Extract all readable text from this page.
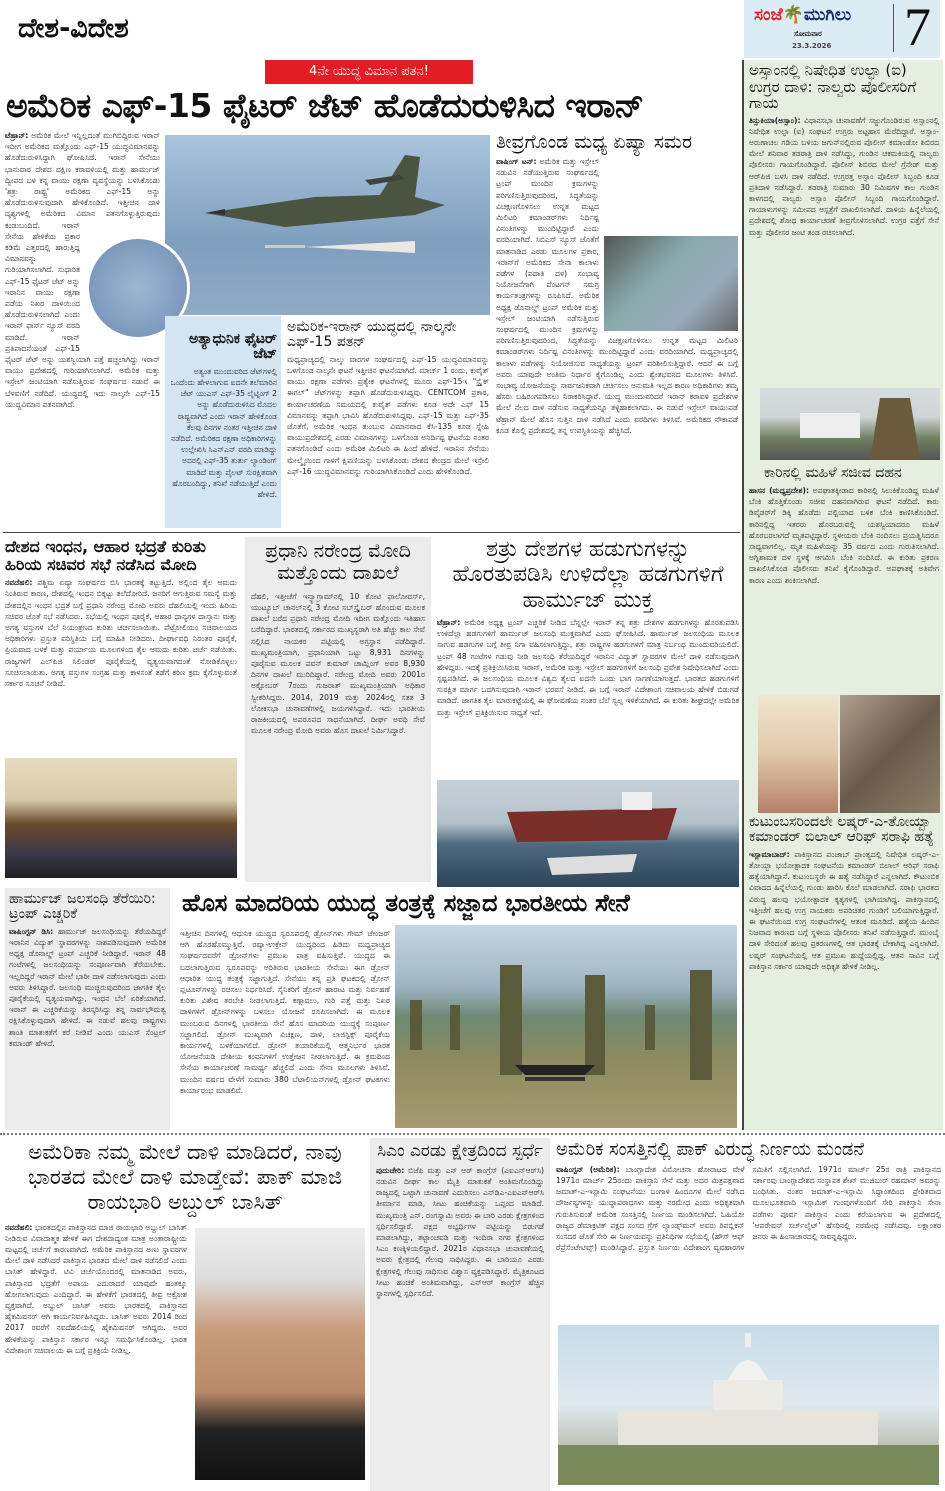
ದೇಶ-ವಿದೇಶ	ಸಂಜೆ🌴ಮುಗಿಲು
ಸೋಮವಾರ
23.3.2026 7
4ನೇ ಯುದ್ಧ ವಿಮಾನ ಪತನ!
ಅಮೆರಿಕ ಎಫ್-15 ಫೈಟರ್ ಜೆಟ್ ಹೊಡೆದುರುಳಿಸಿದ ಇರಾನ್
ಟೆಹ್ರಾನ್: ಅಮೆರಿಕ ಮೇಲೆ ಇನ್ನಿಲ್ಲದಂತೆ ಮುಗಿಬಿದ್ದಿರುವ ಇರಾನ್ ಇದೀಗ ಅಮೆರಿಕದ ಮತ್ತೊಂದು ಎಫ್-15 ಯುದ್ಧವಿಮಾನವನ್ನು ಹೊಡೆದುರುಳಿಸಿದ್ದಾಗಿ ಘೋಷಿಸಿದೆ. ಇರಾನ್ ಸೇನೆಯು ಭಾನುವಾರ ದೇಶದ ದಕ್ಷಿಣ ಕರಾವಳಿಯಲ್ಲಿ ಮತ್ತು ಹಾರ್ಮುಜ್ ದ್ವೀಪದ ಬಳಿ ಕನ್ನ ವಾಯು ರಕ್ಷಣಾ ವ್ಯವಸ್ಥೆಯನ್ನು ಬಳಸಿಕೊಂಡು 'ಶತ್ರು ರಾಷ್ಟ್ರ' ಅಮೆರಿಕದ ಎಫ್-15 ಅನ್ನು ಹೊಡೆದುರುಳಿಸುವುದಾಗಿ ಹೇಳಿಕೊಂಡಿದೆ. ಇತ್ತೀಚಿನ ದಾಳಿ ದೃಶ್ಯಗಳಲ್ಲಿ ಅಮೆರಿಕದ ವಿಮಾನ ಪತನಗೊಳ್ಳುತ್ತಿರುವುದು ಕಂಡುಬಂದಿದೆ. ಇರಾನ್ ಸೇನೆಯ ಹೇಳಿಕೆಯ ಪ್ರಕಾರ ಕಡಿಮೆ ಎತ್ತರದಲ್ಲಿ ಹಾರುತ್ತಿದ್ದ ವಿಮಾನವನ್ನು ಗುರಿಯಾಗಿಸಲಾಗಿದೆ. ಸುಧಾರಿತ ಎಫ್-15 ಫೈಟರ್ ಜೆಟ್ ಅನ್ನು ಇರಾನಿನ ವಾಯು ರಕ್ಷಣಾ ಪಡೆಯ ನಿಖರ ದಾಳಿಯಿಂದ ಹೊಡೆದುರುಳಿಸಲಾಗಿದೆ ಎಂದು ಇರಾನ್ ಫಾರ್ಸ್ ನ್ಯೂಸ್ ವರದಿ ಮಾಡಿದೆ. ಇರಾನ್ ಪ್ರತಿಪಾದನೆಯಂತೆ ಎಫ್-15 ಫೈಟರ್ ಜೆಟ್ ಅನ್ನು ಯಶಸ್ವಿಯಾಗಿ ಪತ್ತೆ ಹಚ್ಚಲಾಗಿದ್ದು ಇರಾನ್ ವಾಯು ಪ್ರದೇಶದಲ್ಲಿ ಗುರಿಯಾಗಿಸಲಾಗಿದೆ. ಅಮೆರಿಕ ಮತ್ತು ಇಸ್ರೇಲ್ ಜಂಟಿಯಾಗಿ ನಡೆಸುತ್ತಿರುವ ಸಂಘರ್ಷದ ನಡುವೆ ಈ ಬೆಳವಣಿಗೆ ನಡೆದಿದೆ. ಯುದ್ಧದಲ್ಲಿ ಇದು ನಾಲ್ಕನೇ ಎಫ್-15 ಯುದ್ಧವಿಮಾನ ಪತನವಾಗಿದೆ.
ಅತ್ಯಾಧುನಿಕ ಫೈಟರ್ ಜೆಟ್
ಅತ್ಯಂತ ಮುಂದುವರಿದ ಜೆಟ್‌ಗಳಲ್ಲಿ ಒಂದೆಂದು ಹೇಳಲಾಗುವ ಐದನೇ ತಲೆಮಾರಿನ ಜೆಟ್ ಯುಎಸ್ ಎಫ್-35 ಲೈಟ್ನಿಂಗ್ 2 ಅನ್ನು ಹೊಡೆದುರುಳಿಸಿದ ಮೊದಲ ರಾಷ್ಟ್ರವಾಗಿದೆ ಎಂದು ಇರಾನ್ ಹೇಳಿಕೊಂಡ ಕೆಲವು ದಿನಗಳ ನಂತರ ಇತ್ತೀಚಿನ ದಾಳಿ ನಡೆದಿದೆ. ಅಮೆರಿಕದ ರಕ್ಷಣಾ ಅಧಿಕಾರಿಗಳನ್ನು ಉಲ್ಲೇಖಿಸಿ ಸಿಎನ್‌ಎನ್ ವರದಿ ಮಾಡಿದ್ದು ಅದರಲ್ಲಿ ಎಫ್-35 ತುರ್ತು ಲ್ಯಾಂಡಿಂಗ್ ಮಾಡಿದೆ ಮತ್ತು ಪೈಲಟ್ ಸುರಕ್ಷಿತವಾಗಿ ಹೊರಬಂದಿದ್ದು, ತನಿಖೆ ನಡೆಯುತ್ತಿದೆ ಎಂದು ಹೇಳಿದೆ.
ಅಮೆರಿಕ-ಇರಾನ್ ಯುದ್ಧದಲ್ಲಿ ನಾಲ್ಕನೇ ಎಫ್-15 ಪತನ್
ಮಧ್ಯಪ್ರಾಚ್ಯದಲ್ಲಿ ನಾಲ್ಕು ವಾರಗಳ ಸಂಘರ್ಷದಲ್ಲಿ ಎಫ್-15 ಯುದ್ಧವಿಮಾನವನ್ನು ಒಳಗೊಂಡ ನಾಲ್ಕನೇ ಘಟನೆ ಇತ್ತೀಚಿನ ಘಟನೆಯಾಗಿದೆ. ಮಾರ್ಚ್ 1 ರಂದು, ಕುವೈತ್ ವಾಯು ರಕ್ಷಣಾ ಪಡೆಗಳು ಪ್ರತ್ಯೇಕ ಘಟನೆಗಳಲ್ಲಿ ಮೂರು ಎಫ್-15ಇ "ಸ್ಟ್ರೈಕ್ ಈಗಲ್" ಜೆಟ್‌ಗಳನ್ನು ತಪ್ಪಾಗಿ ಹೊಡೆದುರುಳಿಸಿದ್ದವು. CENTCOM ಪ್ರಕಾರ, ಕಾರ್ಯಾಚರಣೆಯ ಸಮಯದಲ್ಲಿ ಕುವೈತ್ ಪಡೆಗಳು ಕೂಡ ಅದೇ ಎಫ್ 15 ವಿಮಾನವನ್ನು ತಪ್ಪಾಗಿ ಭಾವಿಸಿ ಹೊಡೆದುರುಳಿಸಿದ್ದವು. ಎಫ್-15 ಮತ್ತು ಎಫ್-35 ಜೊತೆಗೆ, ಅಮೆರಿಕ ಇಂಧನ ತುಂಬುವ ವಿಮಾನವಾದ ಕೆಸಿ-135 ಕೂಡ ಸ್ನೇಹಿ ವಾಯುಪ್ರದೇಶದಲ್ಲಿ ಎರಡು ವಿಮಾನಗಳನ್ನು ಒಳಗೊಂಡ ಅನಿರ್ದಿಷ್ಟ ಘಟನೆಯ ನಂತರ ಪತನಗೊಂಡಿದೆ ಎಂದು ಅಮೆರಿಕ ಮಿಲಿಟರಿ ಈ ಹಿಂದೆ ಹೇಳಿದೆ. ಇರಾನಿನ ಸೇನೆಯು ಮೇಲ್ಮೈಯಿಂದ ಗಾಳಿಗೆ ಕ್ಷಿಪಣಿಯನ್ನು ಬಳಸಿಕೊಂಡು ದೇಶದ ಕೇಂದ್ರದ ಮೇಲೆ ಇಸ್ರೇಲಿ ಎಫ್-16 ಯುದ್ಧವಿಮಾನವನ್ನು ಗುರಿಯಾಗಿಸಿಕೊಂಡಿದೆ ಎಂದು ಹೇಳಿಕೊಂಡಿದೆ.
ತೀವ್ರಗೊಂಡ ಮಧ್ಯ ಏಷ್ಯಾ ಸಮರ
ವಾಷಿಂಗ್ ಟನ್: ಅಮೆರಿಕ ಮತ್ತು ಇಸ್ರೇಲ್ ನಡುವಿನ ನಡೆಯುತ್ತಿರುವ ಸಂಘರ್ಷದಲ್ಲಿ ಟ್ರಂಪ್ ಮುಂದಿನ ಕ್ರಮಗಳನ್ನು ಪರಿಗಣಿಸುತ್ತಿರುವುದರಿಂದ, ಸಿದ್ಧತೆಯನ್ನು ವಿಚಕ್ಷಣಗೊಳಿಸಲು ಉನ್ನತ ಮಟ್ಟದ ಮಿಲಿಟರಿ ಕಮಾಂಡರ್‌ಗಳು ನಿರ್ದಿಷ್ಟ ವಿನಂತಿಗಳನ್ನು ಮುಂದಿಟ್ಟಿದ್ದಾರೆ ಎಂದು ವರದಿಯಾಗಿದೆ. ಸಿಬಿಎಸ್ ನ್ಯೂಸ್ ಜೊತೆಗೆ ಮಾತನಾಡಿದ ಎರಡು ಮೂಲಗಳ ಪ್ರಕಾರ, ಇರಾನ್‌ಗೆ ಅಮೆರಿಕದ ಸೇನಾ ಕಾಲಾಳು ಪಡೆಗಳ (ಪದಾತಿ ದಳ) ಸಂಭಾವ್ಯ ನಿಯೋಜನೆಗಾಗಿ ಪೆಂಟಗನ್ ಸಮಗ್ರ ಕಾರ್ಯತಂತ್ರಗಳನ್ನು ರೂಪಿಸಿದೆ. ಅಮೆರಿಕ ಅಧ್ಯಕ್ಷ ಡೊನಾಲ್ಡ್ ಟ್ರಂಪ್ ಅಮೆರಿಕ ಮತ್ತು ಇಸ್ರೇಲ್ ಜಂಟಿಯಾಗಿ ನಡೆಸುತ್ತಿರುವ ಸಂಘರ್ಷದಲ್ಲಿ ಮುಂದಿನ ಕ್ರಮಗಳನ್ನು ಪರಿಗಣಿಸುತ್ತಿರುವುದರಿಂದ, ಸಿದ್ಧತೆಯನ್ನು ವಿಚಕ್ಷಣಗೊಳಿಸಲು ಉನ್ನತ ಮಟ್ಟದ ಮಿಲಿಟರಿ ಕಮಾಂಡರ್‌ಗಳು ನಿರ್ದಿಷ್ಟ ವಿನಂತಿಗಳನ್ನು ಮುಂದಿಟ್ಟಿದ್ದಾರೆ ಎಂದು ವರದಿಯಾಗಿದೆ. ಮಧ್ಯಪ್ರಾಚ್ಯದಲ್ಲಿ ಕಾಲಾಳು ಪಡೆಗಳನ್ನು ನಿಯೋಜಿಸುವ ಸಾಧ್ಯತೆಯನ್ನು ಟ್ರಂಪ್ ಪರಿಶೀಲಿಸುತ್ತಿದ್ದಾರೆ. ಆದರೆ ಈ ಬಗ್ಗೆ ಅವರು ಯಾವುದೇ ಅಂತಿಮ ನಿರ್ಧಾರ ಕೈಗೊಂಡಿಲ್ಲ ಎಂದು ಶ್ವೇತಭವನದ ಮೂಲಗಳು ತಿಳಿಸಿವೆ. ಸಂಭಾವ್ಯ ಯೋಜನೆಯನ್ನು ಸಾರ್ವಜನಿಕವಾಗಿ ಚರ್ಚಿಸಲು ಅನುಮತಿ ಇಲ್ಲದ ಕಾರಣ ಅಧಿಕಾರಿಗಳು ತಮ್ಮ ಹೆಸರು ಬಹಿರಂಗಪಡಿಸಲು ನಿರಾಕರಿಸಿದ್ದಾರೆ. ಯುದ್ಧ ಮುಂದುವರಿದರೆ ಇರಾನ್ ಕರಾವಳಿ ಪ್ರದೇಶಗಳ ಮೇಲೆ ನೆಲದ ದಾಳಿ ನಡೆಸುವ ಸಾಧ್ಯತೆಯನ್ನೂ ತಳ್ಳಿಹಾಕಲಾಗದು. ಈ ನಡುವೆ ಇಸ್ರೇಲ್ ವಾಯುಪಡೆ ಟೆಹ್ರಾನ್ ಮೇಲೆ ಹೊಸ ಸುತ್ತಿನ ದಾಳಿ ನಡೆಸಿದೆ ಎಂದು ವರದಿಗಳು ತಿಳಿಸಿವೆ. ಅಮೆರಿಕದ ನೌಕಾಪಡೆ ಕೂಡ ಕೊಲ್ಲಿ ಪ್ರದೇಶದಲ್ಲಿ ತನ್ನ ಉಪಸ್ಥಿತಿಯನ್ನು ಹೆಚ್ಚಿಸಿದೆ.
ದೇಶದ ಇಂಧನ, ಆಹಾರ ಭದ್ರತೆ ಕುರಿತು ಹಿರಿಯ ಸಚಿವರ ಸಭೆ ನಡೆಸಿದ ಮೋದಿ
ನವದೆಹಲಿ: ಪಶ್ಚಿಮ ಏಷ್ಯಾ ಸಂಘರ್ಷದ ಬಿಸಿ ಭಾರತಕ್ಕೆ ತಟ್ಟುತ್ತಿದೆ. ಅಲ್ಲಿಂದ ತೈಲ ಆಮದು ನಿಂತಿರುವ ಕಾರಣ, ದೇಶದಲ್ಲಿ ಇಂಧನ ಬಿಕ್ಕಟ್ಟು ತಲೆದೋರಿದೆ. ಜನರಿಗೆ ಆಗುತ್ತಿರುವ ಸಮಸ್ಯೆ ಮತ್ತು ದೇಶದಲ್ಲಿನ ಇಂಧನ ಭದ್ರತೆ ಬಗ್ಗೆ ಪ್ರಧಾನಿ ನರೇಂದ್ರ ಮೋದಿ ಅವರು ದೆಹಲಿಯಲ್ಲಿ ಇಂದು ಹಿರಿಯ ಸಚಿವರ ಜೊತೆ ಸಭೆ ನಡೆಸಿದರು. ಸಭೆಯಲ್ಲಿ ಇಂಧನ ಪೂರೈಕೆ, ಆಹಾರ ಧಾನ್ಯಗಳ ದಾಸ್ತಾನು ಮತ್ತು ಅಗತ್ಯ ವಸ್ತುಗಳ ಬೆಲೆ ನಿಯಂತ್ರಣದ ಕುರಿತು ಚರ್ಚಿಸಲಾಯಿತು. ಪೆಟ್ರೋಲಿಯಂ ಸಚಿವಾಲಯದ ಅಧಿಕಾರಿಗಳು ಪ್ರಸ್ತುತ ಪರಿಸ್ಥಿತಿಯ ಬಗ್ಗೆ ಮಾಹಿತಿ ನೀಡಿದರು. ದೀರ್ಘಾವಧಿ ನಿರಂತರ ಪೂರೈಕೆ, ಪ್ರಿಯವಾದ ಬಳಕೆ ಮತ್ತು ಪರ್ಯಾಯ ಮೂಲಗಳಿಂದ ತೈಲ ಆಮದು ಕುರಿತು ಚರ್ಚೆ ನಡೆಯಿತು. ರಾಜ್ಯಗಳಿಗೆ ಎಲ್‌ಪಿಜಿ ಸಿಲಿಂಡರ್ ಪೂರೈಕೆಯಲ್ಲಿ ವ್ಯತ್ಯಯವಾಗದಂತೆ ನೋಡಿಕೊಳ್ಳಲು ಸೂಚಿಸಲಾಯಿತು. ಅಗತ್ಯ ವಸ್ತುಗಳ ಸಂಗ್ರಹ ಮತ್ತು ಕಾಳಸಂತೆ ತಡೆಗೆ ಕಠಿಣ ಕ್ರಮ ಕೈಗೊಳ್ಳುವಂತೆ ಸರ್ಕಾರ ಸೂಚನೆ ನೀಡಿದೆ.
ಪ್ರಧಾನಿ ನರೇಂದ್ರ ಮೋದಿ ಮತ್ತೊಂದು ದಾಖಲೆ
ದೆಹಲಿ, ಇತ್ತೀಚೆಗೆ ಇನ್ಸ್ಟಾಗ್ರಾಮ್‌ನಲ್ಲಿ 10 ಕೋಟಿ ಫಾಲೋವರ್ಸ್, ಯುಟ್ಯೂಬ್ ಚಾನಲ್‌ನಲ್ಲಿ 3 ಕೋಟಿ ಸಬ್‌ಸ್ಕ್ರೈಬರ್ ಹೊಂದುವ ಮೂಲಕ ದಾಖಲೆ ಬರೆದ ಪ್ರಧಾನಿ ನರೇಂದ್ರ ಮೋದಿ ಇದೀಗ ಮತ್ತೊಂದು ಇತಿಹಾಸ ಬರೆದಿದ್ದಾರೆ. ಭಾರತದಲ್ಲಿ ಸರ್ಕಾರದ ಮುಖ್ಯಸ್ಥರಾಗಿ ಅತಿ ಹೆಚ್ಚು ಕಾಲ ಸೇವೆ ಸಲ್ಲಿಸಿದ ನಾಯಕರ ಪಟ್ಟಿಯಲ್ಲಿ ಅಗ್ರಸ್ಥಾನ ಪಡೆದಿದ್ದಾರೆ. ಮುಖ್ಯಮಂತ್ರಿಯಾಗಿ, ಪ್ರಧಾನಿಯಾಗಿ ಒಟ್ಟು 8,931 ದಿನಗಳನ್ನು ಪೂರೈಸುವ ಮೂಲಕ ಪವನ್ ಕುಮಾರ್ ಚಾಮ್ಲಿಂಗ್ ಅವರ 8,930 ದಿನಗಳ ದಾಖಲೆ ಮುರಿದಿದ್ದಾರೆ. ನರೇಂದ್ರ ಮೋದಿ ಅವರು 2001ರ ಅಕ್ಟೋಬರ್ 7ರಂದು ಗುಜರಾತ್ ಮುಖ್ಯಮಂತ್ರಿಯಾಗಿ ಅಧಿಕಾರ ಸ್ವೀಕರಿಸಿದ್ದರು. 2014, 2019 ಮತ್ತು 2024ರಲ್ಲಿ ಸತತ 3 ಲೋಕಸಭಾ ಚುನಾವಣೆಗಳಲ್ಲಿ ಜಯಗಳಿಸಿದ್ದಾರೆ. ಇದು ಭಾರತೀಯ ರಾಜಕೀಯದಲ್ಲಿ ಅಪರೂಪದ ಸಾಧನೆಯಾಗಿದೆ. ದೀರ್ಘ ಅವಧಿ ಸೇವೆ ಮೂಲಕ ನರೇಂದ್ರ ಮೋದಿ ಅವರು ಹೊಸ ದಾಖಲೆ ನಿರ್ಮಿಸಿದ್ದಾರೆ.
ಶತ್ರು ದೇಶಗಳ ಹಡುಗುಗಳನ್ನು ಹೊರತುಪಡಿಸಿ ಉಳಿದೆಲ್ಲಾ ಹಡಗುಗಳಿಗೆ ಹಾರ್ಮುಜ್ ಮುಕ್ತ
ಟೆಹ್ರಾನ್: ಅಮೆರಿಕ ಅಧ್ಯಕ್ಷ ಟ್ರಂಪ್ ಎಚ್ಚರಿಕೆ ನೀಡಿದ ಬೆನ್ನಲ್ಲೇ ಇರಾನ್ ತನ್ನ ಶತ್ರು ದೇಶಗಳ ಹಡಗುಗಳನ್ನು ಹೊರತುಪಡಿಸಿ ಉಳಿದೆಲ್ಲಾ ಹಡಗುಗಳಿಗೆ ಹಾರ್ಮುಜ್ ಜಲಸಂಧಿ ಮುಕ್ತವಾಗಿದೆ ಎಂದು ಘೋಷಿಸಿದೆ. ಹಾರ್ಮುಜ್ ಜಲಸಂಧಿಯ ಮೂಲಕ ಸಾಗುವ ಹಡಗುಗಳ ಬಗ್ಗೆ ತೀವ್ರ ನಿಗಾ ವಹಿಸಲಾಗುತ್ತಿದ್ದು, ಶತ್ರು ರಾಷ್ಟ್ರಗಳ ಹಡಗುಗಳಿಗೆ ಮಾತ್ರ ನಿರ್ಬಂಧ ಮುಂದುವರಿಯಲಿದೆ. ಟ್ರಂಪ್ 48 ಗಂಟೆಗಳ ಗಡುವು ನೀಡಿ ಜಲಸಂಧಿ ತೆರೆಯದಿದ್ದರೆ ಇರಾನಿನ ವಿದ್ಯುತ್ ಸ್ಥಾವರಗಳ ಮೇಲೆ ದಾಳಿ ನಡೆಸುವುದಾಗಿ ಹೇಳಿದ್ದರು. ಇದಕ್ಕೆ ಪ್ರತಿಕ್ರಿಯಿಸಿರುವ ಇರಾನ್, ಅಮೆರಿಕ ಮತ್ತು ಇಸ್ರೇಲ್ ಹಡಗುಗಳಿಗೆ ಜಲಸಂಧಿ ಪ್ರವೇಶ ನಿಷೇಧಿಸಲಾಗಿದೆ ಎಂದು ಸ್ಪಷ್ಟಪಡಿಸಿದೆ. ಈ ಜಲಸಂಧಿಯ ಮೂಲಕ ವಿಶ್ವದ ತೈಲದ ಐದನೇ ಒಂದು ಭಾಗ ಸಾಗಣೆಯಾಗುತ್ತದೆ. ಭಾರತದ ಹಡಗುಗಳಿಗೆ ಸುರಕ್ಷಿತ ಮಾರ್ಗ ಒದಗಿಸುವುದಾಗಿ ಇರಾನ್ ಭರವಸೆ ನೀಡಿದೆ. ಈ ಬಗ್ಗೆ ಇರಾನ್ ವಿದೇಶಾಂಗ ಸಚಿವಾಲಯ ಹೇಳಿಕೆ ಬಿಡುಗಡೆ ಮಾಡಿದೆ. ಜಾಗತಿಕ ತೈಲ ಮಾರುಕಟ್ಟೆಯಲ್ಲಿ ಈ ಘೋಷಣೆಯ ನಂತರ ಬೆಲೆ ಸ್ವಲ್ಪ ಇಳಿಕೆಯಾಗಿದೆ. ಈ ಕುರಿತು ಶೀಘ್ರದಲ್ಲೇ ಅಮೆರಿಕ ಮತ್ತು ಇಸ್ರೇಲ್ ಪ್ರತಿಕ್ರಿಯಿಸುವ ಸಾಧ್ಯತೆ ಇದೆ.
ಹಾರ್ಮುಜ್ ಜಲಸಂಧಿ ತೆರೆಯಿರಿ: ಟ್ರಂಪ್ ಎಚ್ಚರಿಕೆ
ವಾಷಿಂಗ್ಟನ್ ಡಿಸಿ: ಹಾರ್ಮುಜ್ ಜಲಸಂಧಿಯನ್ನು ತೆರೆಯದಿದ್ದರೆ ಇರಾನಿನ ವಿದ್ಯುತ್ ಸ್ಥಾವರಗಳನ್ನು ನಾಶಪಡಿಸುವುದಾಗಿ ಅಮೆರಿಕ ಅಧ್ಯಕ್ಷ ಡೊನಾಲ್ಡ್ ಟ್ರಂಪ್ ಎಚ್ಚರಿಕೆ ನೀಡಿದ್ದಾರೆ. ಇರಾನ್ 48 ಗಂಟೆಗಳಲ್ಲಿ ಜಲಸಂಧಿಯನ್ನು ಸಂಪೂರ್ಣವಾಗಿ ತೆರೆಯಬೇಕು. ಇಲ್ಲದಿದ್ದರೆ ಇರಾನ್ ಮೇಲೆ ಭಾರೀ ದಾಳಿ ನಡೆಸಲಾಗುವುದು ಎಂದು ಅವರು ತಿಳಿಸಿದ್ದಾರೆ. ಜಲಸಂಧಿ ಮುಚ್ಚಿರುವುದರಿಂದ ಜಾಗತಿಕ ತೈಲ ಪೂರೈಕೆಯಲ್ಲಿ ವ್ಯತ್ಯಯವಾಗಿದ್ದು, ಇಂಧನ ಬೆಲೆ ಏರಿಕೆಯಾಗಿದೆ. ಇರಾನ್ ಈ ಎಚ್ಚರಿಕೆಯನ್ನು ತಿರಸ್ಕರಿಸಿದ್ದು ತನ್ನ ಸಾರ್ವಭೌಮತ್ವ ರಕ್ಷಿಸಿಕೊಳ್ಳುವುದಾಗಿ ಹೇಳಿದೆ. ಈ ನಡುವೆ ಹಲವು ರಾಷ್ಟ್ರಗಳು ಶಾಂತಿ ಮಾತುಕತೆಗೆ ಕರೆ ನೀಡಿವೆ ಎಂದು ಯುಎಸ್ ಸೆಂಟ್ರಲ್ ಕಮಾಂಡ್ ಹೇಳಿದೆ.
ಹೊಸ ಮಾದರಿಯ ಯುದ್ಧ ತಂತ್ರಕ್ಕೆ ಸಜ್ಜಾದ ಭಾರತೀಯ ಸೇನೆ
ಇತ್ತೀಚಿನ ದಿನಗಳಲ್ಲಿ ಆಧುನಿಕ ಯುದ್ಧದ ಸ್ವರೂಪದಲ್ಲಿ ಡ್ರೋನ್‌ಗಳು ಗೇಮ್ ಚೇಂಜರ್ ಆಗಿ ಹೊರಹೊಮ್ಮುತ್ತಿವೆ. ರಷ್ಯಾ-ಉಕ್ರೇನ್ ಯುದ್ಧದಿಂದ ಹಿಡಿದು ಮಧ್ಯಪ್ರಾಚ್ಯದ ಸಂಘರ್ಷದವರೆಗೆ ಡ್ರೋನ್‌ಗಳು ಪ್ರಮುಖ ಪಾತ್ರ ವಹಿಸುತ್ತಿವೆ. ಯುದ್ಧದ ಈ ಬದಲಾಗುತ್ತಿರುವ ಸ್ವರೂಪವನ್ನು ಅರಿತಿರುವ ಭಾರತೀಯ ಸೇನೆಯು ಈಗ ಡ್ರೋನ್ ಆಧಾರಿತ ಯುದ್ಧ ತಂತ್ರಕ್ಕೆ ಸಜ್ಜಾಗುತ್ತಿದೆ. ಸೇನೆಯು ತನ್ನ ಪ್ರತಿ ಘಟಕದಲ್ಲಿ ಡ್ರೋನ್ ಪ್ಲಟೂನ್‌ಗಳನ್ನು ರಚಿಸಲು ನಿರ್ಧರಿಸಿದೆ. ಸೈನಿಕರಿಗೆ ಡ್ರೋನ್ ಹಾರಾಟ ಮತ್ತು ನಿರ್ವಹಣೆ ಕುರಿತು ವಿಶೇಷ ತರಬೇತಿ ನೀಡಲಾಗುತ್ತಿದೆ. ಕಣ್ಗಾವಲು, ಗುರಿ ಪತ್ತೆ ಮತ್ತು ನಿಖರ ದಾಳಿಗಳಿಗೆ ಡ್ರೋನ್‌ಗಳನ್ನು ಬಳಸಲು ಯೋಜನೆ ರೂಪಿಸಲಾಗಿದೆ. ಈ ಮೂಲಕ ಮುಂಬರುವ ದಿನಗಳಲ್ಲಿ ಭಾರತೀಯ ಸೇನೆ ಹೊಸ ಮಾದರಿಯ ಯುದ್ಧಕ್ಕೆ ಸಂಪೂರ್ಣ ಸಜ್ಜಾಗಲಿದೆ. ಡ್ರೋನ್ ಮುಖ್ಯವಾಗಿ ವಿಚಕ್ಷಣ, ದಾಳಿ, ಲಾಜಿಸ್ಟಿಕ್ಸ್ ಪೂರೈಕೆಯ ಕಾರ್ಯಗಳಲ್ಲಿ ಬಳಕೆಯಾಗಲಿದೆ. ಡ್ರೋನ್ ತಯಾರಿಕೆಯಲ್ಲಿ ಆತ್ಮನಿರ್ಭರ ಭಾರತ ಯೋಜನೆಯಡಿ ದೇಶೀಯ ಕಂಪನಿಗಳಿಗೆ ಉತ್ತೇಜನ ನೀಡಲಾಗುತ್ತಿದೆ. ಈ ಕ್ರಮದಿಂದ ಸೇನೆಯ ಕಾರ್ಯಾಚರಣೆ ಸಾಮರ್ಥ್ಯ ಹೆಚ್ಚಲಿದೆ ಎಂದು ಸೇನಾ ಮೂಲಗಳು ತಿಳಿಸಿವೆ. ಮುಂದಿನ ವರ್ಷದ ವೇಳೆಗೆ ಸುಮಾರು 380 ಬೆಟಾಲಿಯನ್‌ಗಳಲ್ಲಿ ಡ್ರೋನ್ ಘಟಕಗಳು ಕಾರ್ಯಾರಂಭ ಮಾಡಲಿವೆ.
ಅಸ್ಸಾಂನಲ್ಲಿ ನಿಷೇಧಿತ ಉಲ್ಫಾ (ಐ) ಉಗ್ರರ ದಾಳಿ: ನಾಲ್ವರು ಪೊಲೀಸರಿಗೆ ಗಾಯ
ತಿನ್ಸುಕಿಯಾ(ಅಸ್ಸಾಂ): ವಿಧಾನಸಭಾ ಚುನಾವಣೆಗೆ ಸಜ್ಜುಗೊಂಡಿರುವ ಅಸ್ಸಾಂನಲ್ಲಿ ನಿಷೇಧಿತ ಉಲ್ಫಾ (ಐ) ಸಂಘಟನೆ ಉಗ್ರರು ಅಟ್ಟಹಾಸ ಮೆರೆದಿದ್ದಾರೆ. ಅಸ್ಸಾಂ-ಅರುಣಾಚಲ ಗಡಿಯ ಬಳಿಯ ಜಗುನ್‌ನಲ್ಲಿರುವ ಪೊಲೀಸ್ ಕಮಾಂಡೋ ಶಿಬಿರದ ಮೇಲೆ ಶನಿವಾರ ತಡರಾತ್ರಿ ದಾಳಿ ನಡೆಸಿದ್ದು, ಗುಂಡಿನ ಚಕಮಕಿಯಲ್ಲಿ ನಾಲ್ವರು ಪೊಲೀಸರು ಗಾಯಗೊಂಡಿದ್ದಾರೆ. ಪೊಲೀಸ್ ಶಿಬಿರದ ಮೇಲೆ ಗ್ರೆನೇಡ್ ಮತ್ತು ಆರ್‌ಪಿಜಿ ಬಳಸಿ ದಾಳಿ ನಡೆದಿದೆ. ಉಗ್ರರತ್ತ ಅಸ್ಸಾಂ ಪೊಲೀಸ್ ಸಿಬ್ಬಂದಿ ಕೂಡ ಪ್ರತಿದಾಳಿ ನಡೆಸಿದ್ದಾರೆ. ತಡರಾತ್ರಿ ಸುಮಾರು 30 ನಿಮಿಷಗಳ ಕಾಲ ಗುಂಡಿನ ಕಾಳಗದಲ್ಲಿ ನಾಲ್ವರು ಅಸ್ಸಾಂ ಪೊಲೀಸ್ ಸಿಬ್ಬಂದಿ ಗಾಯಗೊಂಡಿದ್ದಾರೆ. ಗಾಯಾಳುಗಳನ್ನು ಸಮೀಪದ ಆಸ್ಪತ್ರೆಗೆ ದಾಖಲಿಸಲಾಗಿದೆ. ದಾಳಿಯ ಹಿನ್ನೆಲೆಯಲ್ಲಿ ಪ್ರದೇಶದಲ್ಲಿ ಶೋಧ ಕಾರ್ಯಾಚರಣೆ ತೀವ್ರಗೊಳಿಸಲಾಗಿದೆ. ಉಗ್ರರ ಪತ್ತೆಗೆ ಸೇನೆ ಮತ್ತು ಪೊಲೀಸರ ಜಂಟಿ ತಂಡ ರಚಿಸಲಾಗಿದೆ.
ಕಾರಿನಲ್ಲಿ ಮಹಿಳೆ ಸಜೀವ ದಹನ
ಹಾಸನ (ಮಧ್ಯಪ್ರದೇಶ): ಅಪಘಾತಕ್ಕೀಡಾದ ಕಾರಿನಲ್ಲಿ ಸಿಲುಕಿಕೊಂಡಿದ್ದ ಮಹಿಳೆ ಬೆಂಕಿ ಹೊತ್ತಿಕೊಂಡು ಸಜೀವ ದಹನವಾಗಿರುವ ಘಟನೆ ನಡೆದಿದೆ. ಕಾರು ಡಿವೈಡರ್‌ಗೆ ಡಿಕ್ಕಿ ಹೊಡೆದು ಪಲ್ಟಿಯಾದ ಬಳಿಕ ಬೆಂಕಿ ಕಾಣಿಸಿಕೊಂಡಿದೆ. ಕಾರಿನಲ್ಲಿದ್ದ ಇತರರು ಹೊರಬರುವಲ್ಲಿ ಯಶಸ್ವಿಯಾದರೂ ಮಹಿಳೆ ಹೊರಬರಲಾಗದೆ ಮೃತಪಟ್ಟಿದ್ದಾರೆ. ಸ್ಥಳೀಯರು ಬೆಂಕಿ ನಂದಿಸಲು ಪ್ರಯತ್ನಿಸಿದರೂ ಸಾಧ್ಯವಾಗಲಿಲ್ಲ. ಮೃತ ಮಹಿಳೆಯನ್ನು 35 ವರ್ಷದ ಎಂದು ಗುರುತಿಸಲಾಗಿದೆ. ಅಗ್ನಿಶಾಮಕ ದಳ ಸ್ಥಳಕ್ಕೆ ಆಗಮಿಸಿ ಬೆಂಕಿ ನಂದಿಸಿದೆ. ಈ ಕುರಿತು ಪ್ರಕರಣ ದಾಖಲಿಸಿಕೊಂಡ ಪೊಲೀಸರು ತನಿಖೆ ಕೈಗೊಂಡಿದ್ದಾರೆ. ಅಪಘಾತಕ್ಕೆ ಅತಿವೇಗ ಕಾರಣ ಎಂದು ಶಂಕಿಸಲಾಗಿದೆ.
ಕುಟುಂಬಸರಿಂದಲೇ ಲಷ್ಕರ್-ಎ-ತೋಯ್ಬಾ ಕಮಾಂಡರ್ ಬಿಲಾಲ್ ಆರಿಫ್ ಸರಾಫಿ ಹತ್ಯೆ
ಇಸ್ಲಾಮಾಬಾದ್: ಪಾಕಿಸ್ತಾನದ ಪಂಜಾಬ್ ಪ್ರಾಂತ್ಯದಲ್ಲಿ ನಿಷೇಧಿತ ಲಷ್ಕರ್-ಎ-ತೋಯ್ಬಾ ಭಯೋತ್ಪಾದಕ ಸಂಘಟನೆಯ ಕಮಾಂಡರ್ ಬಿಲಾಲ್ ಆರಿಫ್ ಸರಾಫಿ ಹತ್ಯೆಯಾಗಿದ್ದಾನೆ. ಕುಟುಂಬಸ್ಥರೇ ಈ ಹತ್ಯೆ ನಡೆಸಿದ್ದಾರೆ ಎನ್ನಲಾಗಿದೆ. ಕೌಟುಂಬಿಕ ವಿವಾದದ ಹಿನ್ನೆಲೆಯಲ್ಲಿ ಗುಂಡು ಹಾರಿಸಿ ಕೊಲೆ ಮಾಡಲಾಗಿದೆ. ಸರಾಫಿ ಭಾರತದ ವಿರುದ್ಧ ಹಲವು ಭಯೋತ್ಪಾದಕ ಕೃತ್ಯಗಳಲ್ಲಿ ಭಾಗಿಯಾಗಿದ್ದ. ಪಾಕಿಸ್ತಾನದಲ್ಲಿ ಇತ್ತೀಚೆಗೆ ಹಲವು ಉಗ್ರ ನಾಯಕರು ಅಪರಿಚಿತರ ಗುಂಡಿಗೆ ಬಲಿಯಾಗುತ್ತಿದ್ದಾರೆ. ಈ ಘಟನೆಯಿಂದ ಉಗ್ರ ಸಂಘಟನೆಗಳಲ್ಲಿ ಆತಂಕ ಮೂಡಿದೆ. ಹತ್ಯೆಯ ಹಿಂದಿನ ನಿಜವಾದ ಕಾರಣದ ಬಗ್ಗೆ ಸ್ಥಳೀಯ ಪೊಲೀಸರು ತನಿಖೆ ನಡೆಸುತ್ತಿದ್ದಾರೆ. ಮುಂಬೈ ದಾಳಿ ಸೇರಿದಂತೆ ಹಲವು ಪ್ರಕರಣಗಳಲ್ಲಿ ಆತ ಭಾರತಕ್ಕೆ ಬೇಕಾಗಿದ್ದ ಎನ್ನಲಾಗಿದೆ. ಲಷ್ಕರ್ ಸಂಘಟನೆಯಲ್ಲಿ ಆತ ಪ್ರಮುಖ ಹುದ್ದೆಯಲ್ಲಿದ್ದ. ಆತನ ಸಾವಿನ ಬಗ್ಗೆ ಪಾಕಿಸ್ತಾನ ಸರ್ಕಾರ ಯಾವುದೇ ಅಧಿಕೃತ ಹೇಳಿಕೆ ನೀಡಿಲ್ಲ.
ಅಮೆರಿಕಾ ನಮ್ಮ ಮೇಲೆ ದಾಳಿ ಮಾಡಿದರೆ, ನಾವು ಭಾರತದ ಮೇಲೆ ದಾಳಿ ಮಾಡ್ತೇವೆ: ಪಾಕ್ ಮಾಜಿ ರಾಯಭಾರಿ ಅಬ್ದುಲ್ ಬಾಸಿತ್
ನವದೆಹಲಿ: ಭಾರತದಲ್ಲಿನ ಪಾಕಿಸ್ತಾನದ ಮಾಜಿ ರಾಯಭಾರಿ ಅಬ್ದುಲ್ ಬಾಸಿತ್ ನೀಡಿರುವ ವಿವಾದಾತ್ಮಕ ಹೇಳಿಕೆ ಈಗ ದೇಶದಾದ್ಯಂತ ಮಾತ್ರ ಅಂತಾರಾಷ್ಟ್ರೀಯ ಮಟ್ಟದಲ್ಲಿ ಚರ್ಚೆಗೆ ಕಾರಣವಾಗಿದೆ. ಅಮೆರಿಕ ಪಾಕಿಸ್ತಾನದ ಅಣು ಸ್ಥಾವರಗಳ ಮೇಲೆ ದಾಳಿ ನಡೆಸಿದರೆ ಪಾಕಿಸ್ತಾನ ಭಾರತದ ಮೇಲೆ ದಾಳಿ ನಡೆಸಲಿದೆ ಎಂದು ಬಾಸಿತ್ ಹೇಳಿದ್ದಾರೆ. ಟಿವಿ ಚರ್ಚೆಯೊಂದರಲ್ಲಿ ಮಾತನಾಡಿದ ಅವರು, ಪಾಕಿಸ್ತಾನದ ಭದ್ರತೆಗೆ ಅಪಾಯ ಎದುರಾದರೆ ಯಾವುದೇ ಹಂತಕ್ಕೂ ಹೋಗಲಾಗುವುದು ಎಂದಿದ್ದಾರೆ. ಈ ಹೇಳಿಕೆಗೆ ಭಾರತದಲ್ಲಿ ತೀವ್ರ ಆಕ್ರೋಶ ವ್ಯಕ್ತವಾಗಿದೆ. ಅಬ್ದುಲ್ ಬಾಸಿತ್ ಅವರು ಭಾರತದಲ್ಲಿ ಪಾಕಿಸ್ತಾನದ ಹೈಕಮಿಷನರ್ ಆಗಿ ಕಾರ್ಯನಿರ್ವಹಿಸಿದ್ದರು. ಬಾಸಿತ್ ಅವರು 2014 ರಿಂದ 2017 ರವರೆಗೆ ನವದೆಹಲಿಯಲ್ಲಿ ಹೈಕಮಿಷನರ್ ಆಗಿದ್ದರು. ಅವರ ಹೇಳಿಕೆಯನ್ನು ಪಾಕಿಸ್ತಾನ ಸರ್ಕಾರ ಇನ್ನೂ ಸಮರ್ಥಿಸಿಕೊಂಡಿಲ್ಲ. ಭಾರತ ವಿದೇಶಾಂಗ ಸಚಿವಾಲಯ ಈ ಬಗ್ಗೆ ಪ್ರತಿಕ್ರಿಯೆ ನೀಡಿಲ್ಲ.
ಸಿಎಂ ಎರಡು ಕ್ಷೇತ್ರದಿಂದ ಸ್ಪರ್ಧೆ
ಪುದುಚೇರಿ: ಬಿಜೆಪಿ ಮತ್ತು ಎನ್ ಆರ್ ಕಾಂಗ್ರೆಸ್ (ಎಐಎನ್‌ಆರ್‌ಸಿ) ನಡುವಿನ ದೀರ್ಘ ಕಾಲ ಮೈತ್ರಿ ಮಾತುಕತೆ ಅಂತಿಮಗೊಂಡಿದ್ದು ರಾಜ್ಯದಲ್ಲಿ ಒಟ್ಟಾಗಿ ಚುನಾವಣೆ ಎದುರಿಸಲು ಎನ್‌ಡಿಎ-ಎಐಎನ್‌ಆರ್‌ಸಿ ತೀರ್ಮಾನ ಮಾಡಿ, ಸೀಟು ಹಂಚಿಕೆಯನ್ನು ಒಪ್ಪಂದ ಮಾಡಿದೆ. ಮುಖ್ಯಮಂತ್ರಿ ಎನ್. ರಂಗಸ್ವಾಮಿ ಅವರು ಈ ಬಾರಿ ಎರಡು ಕ್ಷೇತ್ರಗಳಿಂದ ಸ್ಪರ್ಧಿಸಲಿದ್ದಾರೆ. ಪಕ್ಷದ ಅಭ್ಯರ್ಥಿಗಳ ಪಟ್ಟಿಯನ್ನು ಬಿಡುಗಡೆ ಮಾಡಲಾಗಿದ್ದು, ತಟ್ಟಾಂಚವಡಿ ಮತ್ತು ಇಂದಿರಾ ನಗರ ಕ್ಷೇತ್ರಗಳಿಂದ ಸಿಎಂ ಕಣಕ್ಕಿಳಿಯಲಿದ್ದಾರೆ. 2021ರ ವಿಧಾನಸಭಾ ಚುನಾವಣೆಯಲ್ಲಿ ಅವರು ಕ್ಷೇತ್ರದಲ್ಲಿ ಗೆಲುವು ಸಾಧಿಸಿದ್ದರು. ಈ ಬಾರಿಯೂ ಎರಡು ಕ್ಷೇತ್ರಗಳಲ್ಲಿ ಗೆಲುವು ಸಾಧಿಸುವ ವಿಶ್ವಾಸ ವ್ಯಕ್ತಪಡಿಸಿದ್ದಾರೆ. ಮೈತ್ರಿಕೂಟದ ಸೀಟು ಹಂಚಿಕೆ ಅಂತಿಮವಾಗಿದ್ದು, ಎನ್‌ಆರ್ ಕಾಂಗ್ರೆಸ್ ಹೆಚ್ಚಿನ ಸ್ಥಾನಗಳಲ್ಲಿ ಸ್ಪರ್ಧಿಸಲಿದೆ.
ಅಮೆರಿಕ ಸಂಸತ್ತಿನಲ್ಲಿ ಪಾಕ್ ವಿರುದ್ಧ ನಿರ್ಣಯ ಮಂಡನೆ
ವಾಷಿಂಗ್ಟನ್ (ಅಮೆರಿಕ): ಬಾಂಗ್ಲಾದೇಶ ವಿಮೋಚನಾ ಹೋರಾಟದ ವೇಳೆ 1971ರ ಮಾರ್ಚ್ 25ರಂದು ಪಾಕಿಸ್ತಾನಿ ಸೇನೆ ಮತ್ತು ಅದರ ಮಿತ್ರಪಕ್ಷವಾದ ಜಮಾತ್-ಎ-ಇಸ್ಲಾಮಿ ಸಂಘಟನೆಯು ಬಂಗಾಳಿ ಹಿಂದೂಗಳ ಮೇಲೆ ನಡೆಸಿದ ದೌರ್ಜನ್ಯಗಳನ್ನು ಯುದ್ಧಾಪರಾಧಗಳು ಮತ್ತು ನರಮೇಧ ಎಂದು ಅಧಿಕೃತವಾಗಿ ಗುರುತಿಸುವಂತೆ ಅಮೆರಿಕ ಸಂಸತ್ತಿನಲ್ಲಿ ನಿರ್ಣಯ ಮಂಡಿಸಲಾಗಿದೆ. ಓಹಿಯೋ ರಾಜ್ಯದ ಡೆಮಾಕ್ರಟಿಕ್ ಪಕ್ಷದ ಸಂಸದ ಗ್ರೆಗ್ ಲ್ಯಾಂಡ್ಸ್‌ಮನ್ ಅವರು ರಿಪಬ್ಲಿಕನ್ ಸಂಸದರ ಜೊತೆ ಸೇರಿ ಈ ನಿರ್ಣಯವನ್ನು ಪ್ರತಿನಿಧಿಗಳ ಸಭೆಯಲ್ಲಿ (ಹೌಸ್ ಆಫ್ ರೆಪ್ರೆಸೆಂಟೇಟಿವ್ಸ್) ಮಂಡಿಸಿದ್ದಾರೆ. ಪ್ರಸ್ತುತ ನಿರ್ಣಯ ವಿದೇಶಾಂಗ ವ್ಯವಹಾರಗಳ ಸಮಿತಿಗೆ ಸಲ್ಲಿಸಲಾಗಿದೆ. 1971ರ ಮಾರ್ಚ್ 25ರ ರಾತ್ರಿ ಪಾಕಿಸ್ತಾನದ ಸರ್ಕಾರವು ಬಾಂಗ್ಲಾದೇಶದ ಸಂಸ್ಥಾಪಕ ಶೇಖ್ ಮುಜಿಬುರ್ ರಹಮಾನ್ ಅವರನ್ನು ಬಂಧಿಸಿತು. ನಂತರ ಜಮಾತ್-ಎ-ಇಸ್ಲಾಮಿ ಸಿದ್ಧಾಂತದಿಂದ ಪ್ರೇರಿತವಾದ ಮೂಲಭೂತವಾದಿ ಇಸ್ಲಾಮಿಕ್ ಗುಂಪುಗಳೊಂದಿಗೆ ಸೇರಿ ಪಾಕಿಸ್ತಾನಿ ಸೇನಾ ಪಡೆಗಳು ಪೂರ್ವ ಪಾಕಿಸ್ತಾನ ಎಂದು ಕರೆಯಲಾಗುವ ಈ ಪ್ರದೇಶದಲ್ಲಿ 'ಆಪರೇಷನ್ ಸರ್ಚ್‌ಲೈಟ್' ಹೆಸರಿನಲ್ಲಿ ನರಮೇಧ ನಡೆಸಿದವು. ಲಕ್ಷಾಂತರ ಜನರು ಈ ಹಿಂಸಾಚಾರದಲ್ಲಿ ಸಾವನ್ನಪ್ಪಿದ್ದರು.
